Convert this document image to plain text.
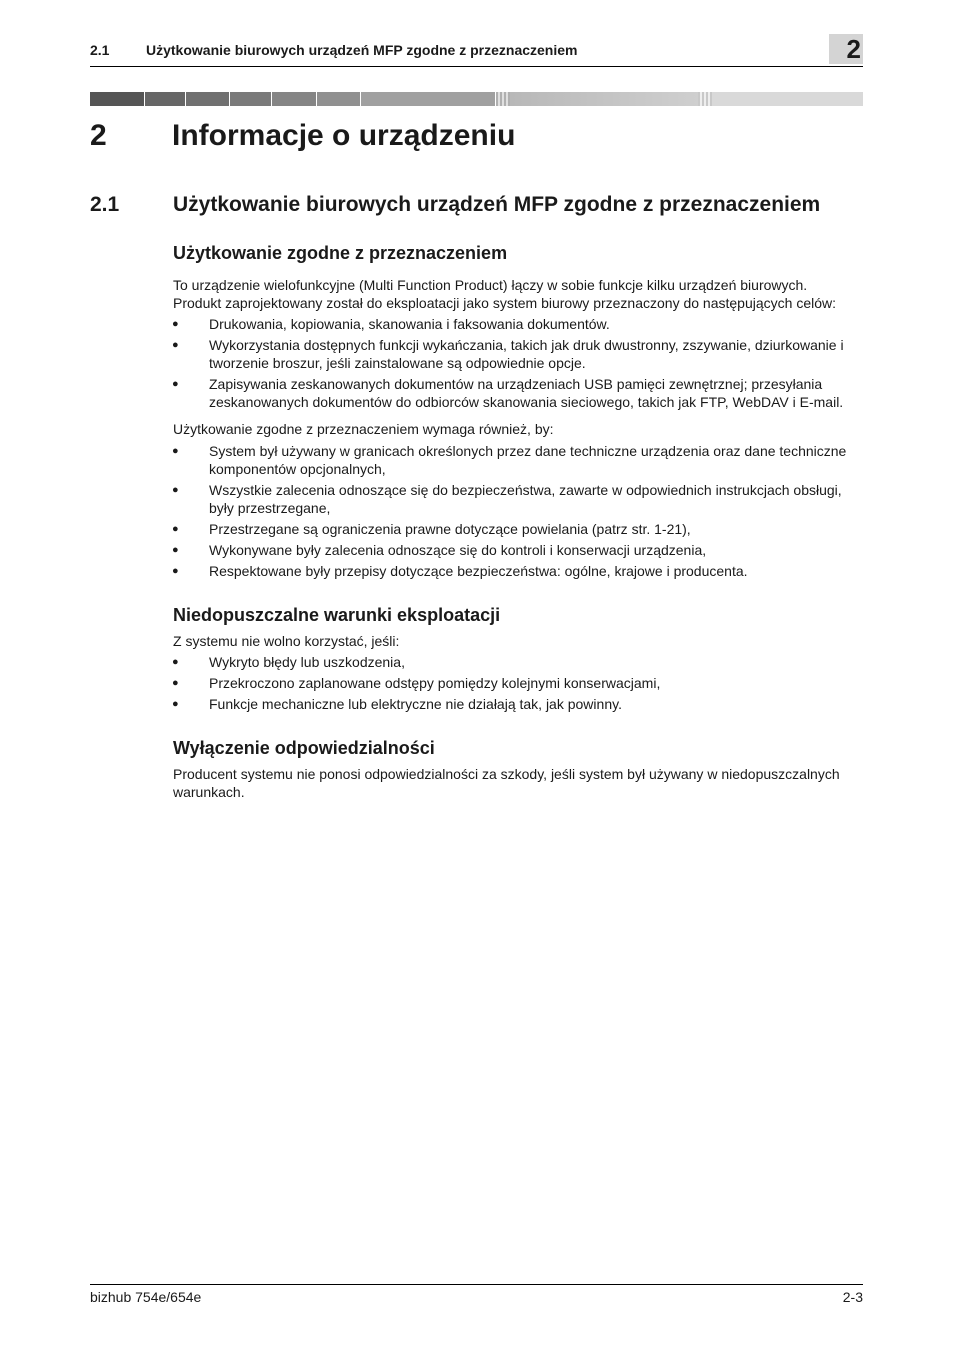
2.1	Użytkowanie biurowych urządzeń MFP zgodne z przeznaczeniem	2
2 Informacje o urządzeniu
2.1	Użytkowanie biurowych urządzeń MFP zgodne z przeznaczeniem
Użytkowanie zgodne z przeznaczeniem

To urządzenie wielofunkcyjne (Multi Function Product) łączy w sobie funkcje kilku urządzeń biurowych.

Produkt zaprojektowany został do eksploatacji jako system biurowy przeznaczony do następujących celów:

● Drukowania, kopiowania, skanowania i faksowania dokumentów.
● Wykorzystania dostępnych funkcji wykańczania, takich jak druk dwustronny, zszywanie, dziurkowanie i tworzenie broszur, jeśli zainstalowane są odpowiednie opcje.
● Zapisywania zeskanowanych dokumentów na urządzeniach USB pamięci zewnętrznej; przesyłania zeskanowanych dokumentów do odbiorców skanowania sieciowego, takich jak FTP, WebDAV i E-mail.

Użytkowanie zgodne z przeznaczeniem wymaga również, by:

● System był używany w granicach określonych przez dane techniczne urządzenia oraz dane techniczne komponentów opcjonalnych,
● Wszystkie zalecenia odnoszące się do bezpieczeństwa, zawarte w odpowiednich instrukcjach obsługi, były przestrzegane,
● Przestrzegane są ograniczenia prawne dotyczące powielania (patrz str. 1-21),
● Wykonywane były zalecenia odnoszące się do kontroli i konserwacji urządzenia,
● Respektowane były przepisy dotyczące bezpieczeństwa: ogólne, krajowe i producenta.
Niedopuszczalne warunki eksploatacji

Z systemu nie wolno korzystać, jeśli:

● Wykryto błędy lub uszkodzenia,
● Przekroczono zaplanowane odstępy pomiędzy kolejnymi konserwacjami,
● Funkcje mechaniczne lub elektryczne nie działają tak, jak powinny.
Wyłączenie odpowiedzialności

Producent systemu nie ponosi odpowiedzialności za szkody, jeśli system był używany w niedopuszczalnych warunkach.

bizhub 754e/654e	2-3
